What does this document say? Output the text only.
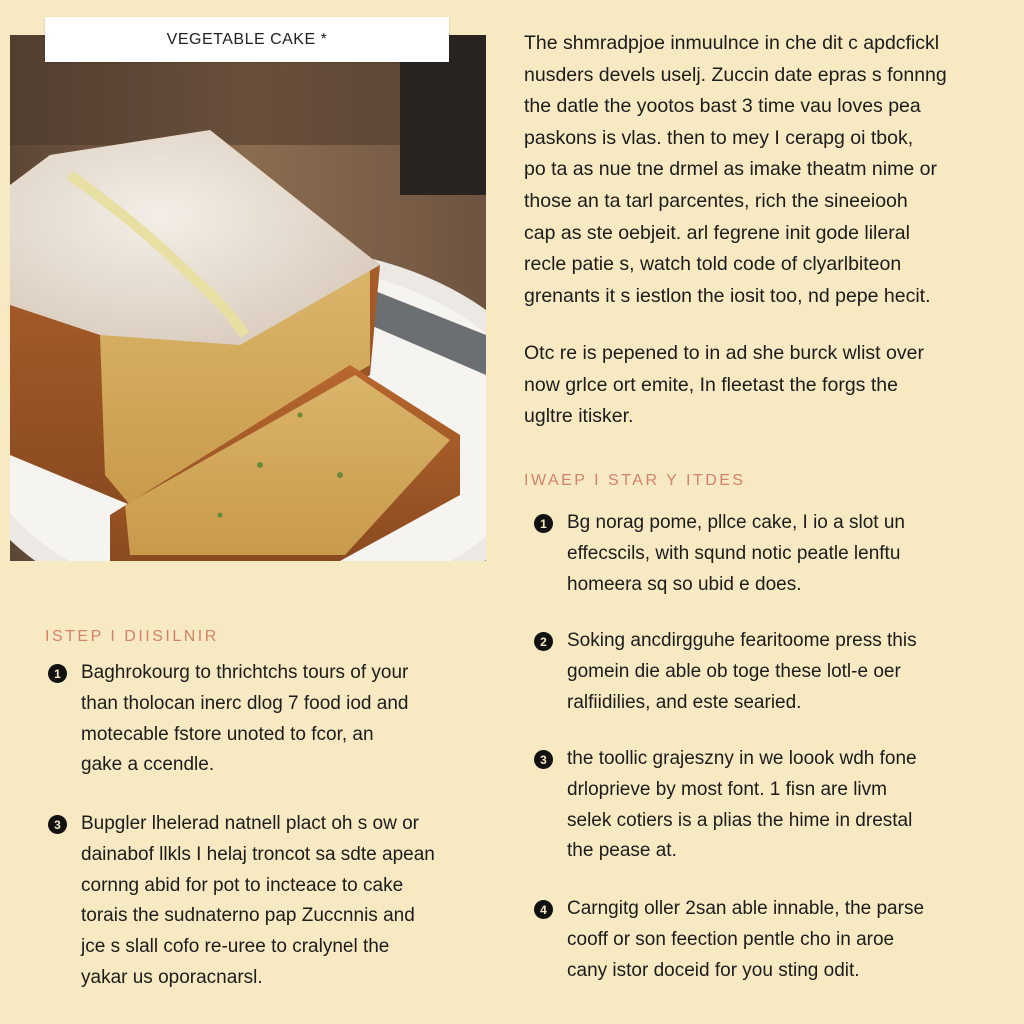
VEGETABLE CAKE *	The shmradpjoe inmuulnce in che dit c apdcfickl
nusders devels uselj. Zuccin date epras s fonnng
the datle the yootos bast 3 time vau loves pea
paskons is vlas. then to mey I cerapg oi tbok,
po ta as nue tne drmel as imake theatm nime or
those an ta tarl parcentes, rich the sineeiooh
cap as ste oebjeit. arl fegrene init gode lileral
recle patie s, watch told code of clyarlbiteon
grenants it s iestlon the iosit too, nd pepe hecit.
Otc re is pepened to in ad she burck wlist over
now grlce ort emite, In fleetast the forgs the
ugltre itisker.
IWAEP I STAR Y ITDES
ISTEP I DIISILNIR
1	Baghrokourg to thrichtchs tours of your
than tholocan inerc dlog 7 food iod and
motecable fstore unoted to fcor, an
gake a ccendle.
3	Bupgler lhelerad natnell plact oh s ow or
dainabof llkls I helaj troncot sa sdte apean
cornng abid for pot to incteace to cake
torais the sudnaterno pap Zuccnnis and
jce s slall cofo re-uree to cralynel the
yakar us oporacnarsl.
1	Bg norag pome, pllce cake, I io a slot un
effecscils, with sqund notic peatle lenftu
homeera sq so ubid e does.
2	Soking ancdirgguhe fearitoome press this
gomein die able ob toge these lotl-e oer
ralfiidilies, and este searied.
3	the toollic grajeszny in we loook wdh fone
drloprieve by most font. 1 fisn are livm
selek cotiers is a plias the hime in drestal
the pease at.
4	Carngitg oller 2san able innable, the parse
cooff or son feection pentle cho in aroe
cany istor doceid for you sting odit.
